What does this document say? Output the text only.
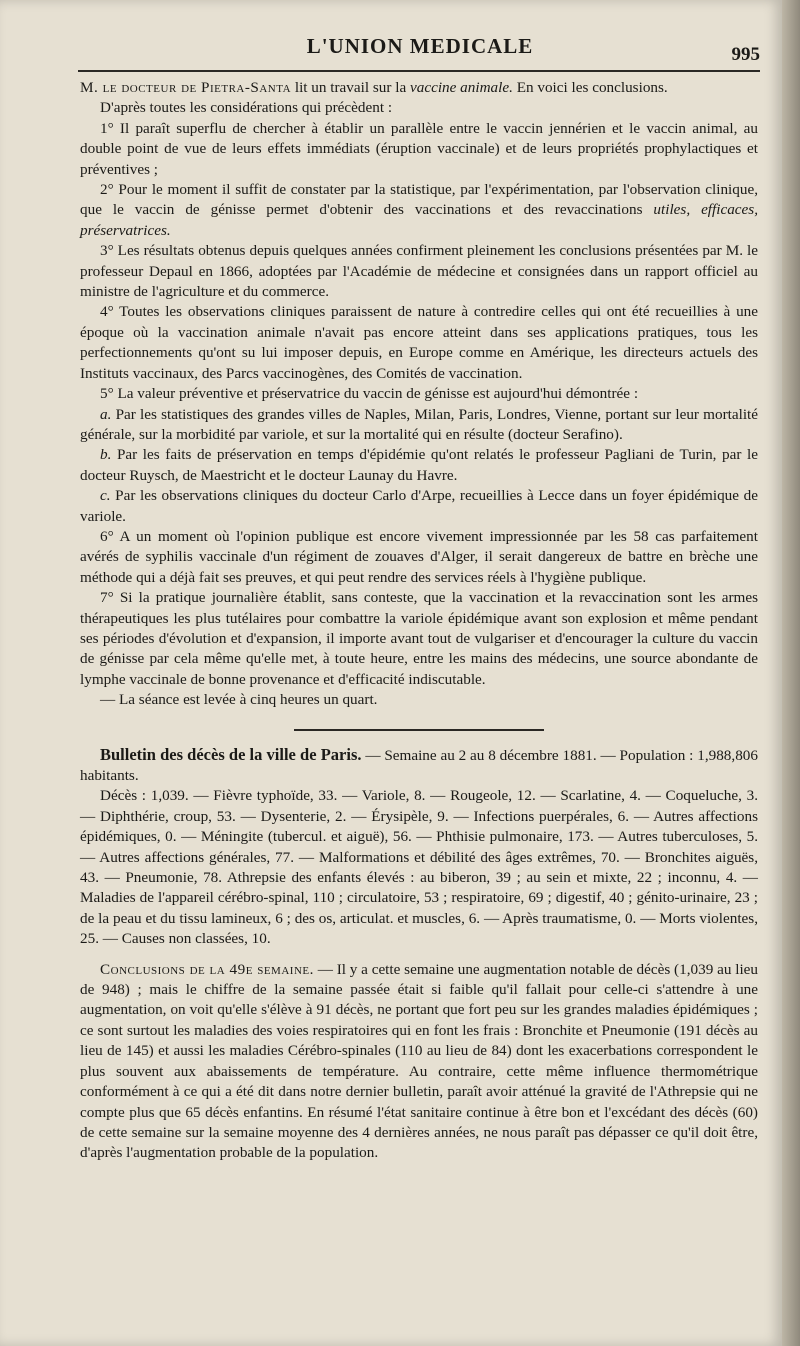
L'UNION MEDICALE	995

M. le docteur de Pietra-Santa lit un travail sur la vaccine animale. En voici les conclusions.

D'après toutes les considérations qui précèdent :

1° Il paraît superflu de chercher à établir un parallèle entre le vaccin jennérien et le vaccin animal, au double point de vue de leurs effets immédiats (éruption vaccinale) et de leurs propriétés prophylactiques et préventives ;

2° Pour le moment il suffit de constater par la statistique, par l'expérimentation, par l'observation clinique, que le vaccin de génisse permet d'obtenir des vaccinations et des revaccinations utiles, efficaces, préservatrices.

3° Les résultats obtenus depuis quelques années confirment pleinement les conclusions présentées par M. le professeur Depaul en 1866, adoptées par l'Académie de médecine et consignées dans un rapport officiel au ministre de l'agriculture et du commerce.

4° Toutes les observations cliniques paraissent de nature à contredire celles qui ont été recueillies à une époque où la vaccination animale n'avait pas encore atteint dans ses applications pratiques, tous les perfectionnements qu'ont su lui imposer depuis, en Europe comme en Amérique, les directeurs actuels des Instituts vaccinaux, des Parcs vaccinogènes, des Comités de vaccination.

5° La valeur préventive et préservatrice du vaccin de génisse est aujourd'hui démontrée :

a. Par les statistiques des grandes villes de Naples, Milan, Paris, Londres, Vienne, portant sur leur mortalité générale, sur la morbidité par variole, et sur la mortalité qui en résulte (docteur Serafino).

b. Par les faits de préservation en temps d'épidémie qu'ont relatés le professeur Pagliani de Turin, par le docteur Ruysch, de Maestricht et le docteur Launay du Havre.

c. Par les observations cliniques du docteur Carlo d'Arpe, recueillies à Lecce dans un foyer épidémique de variole.

6° A un moment où l'opinion publique est encore vivement impressionnée par les 58 cas parfaitement avérés de syphilis vaccinale d'un régiment de zouaves d'Alger, il serait dangereux de battre en brèche une méthode qui a déjà fait ses preuves, et qui peut rendre des services réels à l'hygiène publique.

7° Si la pratique journalière établit, sans conteste, que la vaccination et la revaccination sont les armes thérapeutiques les plus tutélaires pour combattre la variole épidémique avant son explosion et même pendant ses périodes d'évolution et d'expansion, il importe avant tout de vulgariser et d'encourager la culture du vaccin de génisse par cela même qu'elle met, à toute heure, entre les mains des médecins, une source abondante de lymphe vaccinale de bonne provenance et d'efficacité indiscutable.

— La séance est levée à cinq heures un quart.

Bulletin des décès de la ville de Paris. — Semaine au 2 au 8 décembre 1881. — Population : 1,988,806 habitants.

Décès : 1,039. — Fièvre typhoïde, 33. — Variole, 8. — Rougeole, 12. — Scarlatine, 4. — Coqueluche, 3. — Diphthérie, croup, 53. — Dysenterie, 2. — Érysipèle, 9. — Infections puerpérales, 6. — Autres affections épidémiques, 0. — Méningite (tubercul. et aiguë), 56. — Phthisie pulmonaire, 173. — Autres tuberculoses, 5. — Autres affections générales, 77. — Malformations et débilité des âges extrêmes, 70. — Bronchites aiguës, 43. — Pneumonie, 78. Athrepsie des enfants élevés : au biberon, 39 ; au sein et mixte, 22 ; inconnu, 4. — Maladies de l'appareil cérébro-spinal, 110 ; circulatoire, 53 ; respiratoire, 69 ; digestif, 40 ; génito-urinaire, 23 ; de la peau et du tissu lamineux, 6 ; des os, articulat. et muscles, 6. — Après traumatisme, 0. — Morts violentes, 25. — Causes non classées, 10.

Conclusions de la 49e semaine. — Il y a cette semaine une augmentation notable de décès (1,039 au lieu de 948) ; mais le chiffre de la semaine passée était si faible qu'il fallait pour celle-ci s'attendre à une augmentation, on voit qu'elle s'élève à 91 décès, ne portant que fort peu sur les grandes maladies épidémiques ; ce sont surtout les maladies des voies respiratoires qui en font les frais : Bronchite et Pneumonie (191 décès au lieu de 145) et aussi les maladies Cérébro-spinales (110 au lieu de 84) dont les exacerbations correspondent le plus souvent aux abaissements de température. Au contraire, cette même influence thermométrique conformément à ce qui a été dit dans notre dernier bulletin, paraît avoir atténué la gravité de l'Athrepsie qui ne compte plus que 65 décès enfantins. En résumé l'état sanitaire continue à être bon et l'excédant des décès (60) de cette semaine sur la semaine moyenne des 4 dernières années, ne nous paraît pas dépasser ce qu'il doit être, d'après l'augmentation probable de la population.
